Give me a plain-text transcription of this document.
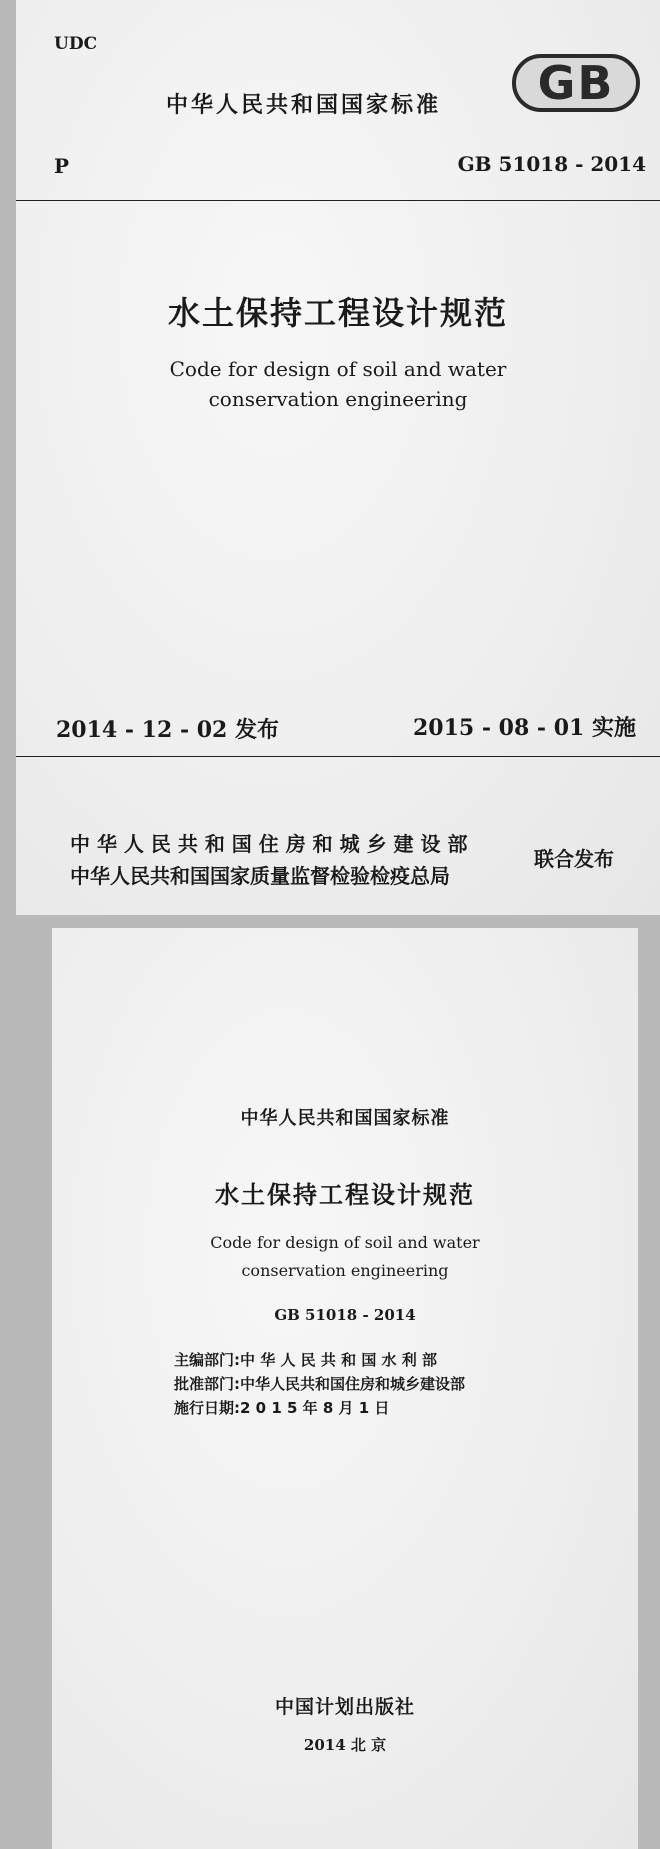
UDC
中华人民共和国国家标准	GB
P	GB 51018 - 2014
水土保持工程设计规范
Code for design of soil and water
conservation engineering
2014 - 12 - 02 发布	2015 - 08 - 01 实施
中 华 人 民 共 和 国 住 房 和 城 乡 建 设 部
中华人民共和国国家质量监督检验检疫总局
联合发布
中华人民共和国国家标准
水土保持工程设计规范
Code for design of soil and water
conservation engineering
GB 51018 - 2014
主编部门:中 华 人 民 共 和 国 水 利 部
批准部门:中华人民共和国住房和城乡建设部
施行日期:2 0 1 5 年 8 月 1 日
中国计划出版社
2014 北 京
